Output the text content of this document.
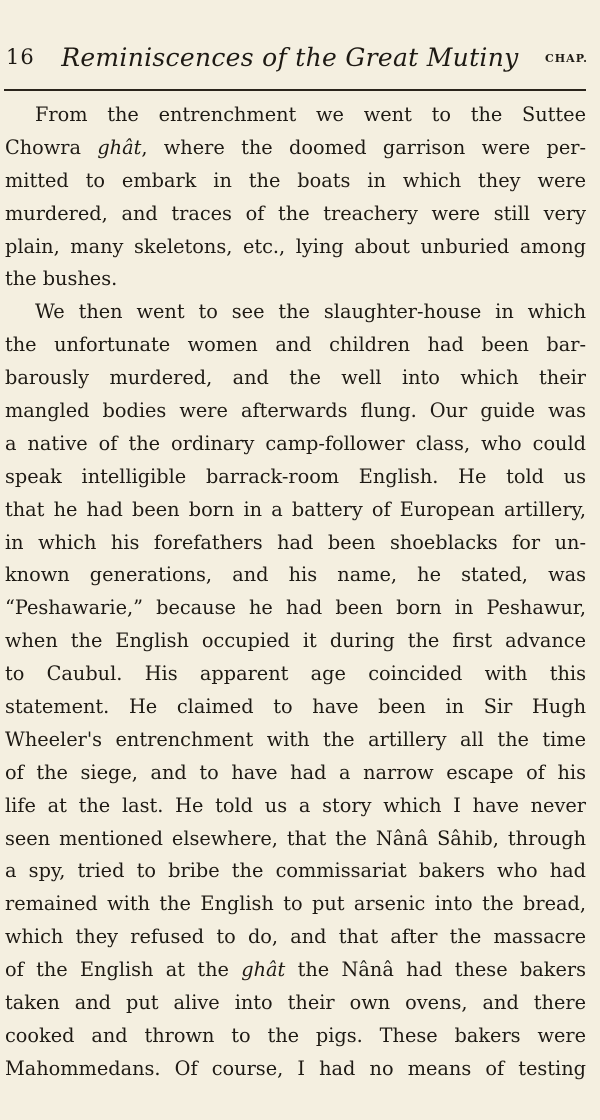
16 Reminiscences of the Great Mutiny CHAP.
From the entrenchment we went to the Suttee
Chowra ghât, where the doomed garrison were per-
mitted to embark in the boats in which they were
murdered, and traces of the treachery were still very
plain, many skeletons, etc., lying about unburied among
the bushes.
We then went to see the slaughter-house in which
the unfortunate women and children had been bar-
barously murdered, and the well into which their
mangled bodies were afterwards flung. Our guide was
a native of the ordinary camp-follower class, who could
speak intelligible barrack-room English. He told us
that he had been born in a battery of European artillery,
in which his forefathers had been shoeblacks for un-
known generations, and his name, he stated, was
“Peshawarie,” because he had been born in Peshawur,
when the English occupied it during the first advance
to Caubul. His apparent age coincided with this
statement. He claimed to have been in Sir Hugh
Wheeler's entrenchment with the artillery all the time
of the siege, and to have had a narrow escape of his
life at the last. He told us a story which I have never
seen mentioned elsewhere, that the Nânâ Sâhib, through
a spy, tried to bribe the commissariat bakers who had
remained with the English to put arsenic into the bread,
which they refused to do, and that after the massacre
of the English at the ghât the Nânâ had these bakers
taken and put alive into their own ovens, and there
cooked and thrown to the pigs. These bakers were
Mahommedans. Of course, I had no means of testing
